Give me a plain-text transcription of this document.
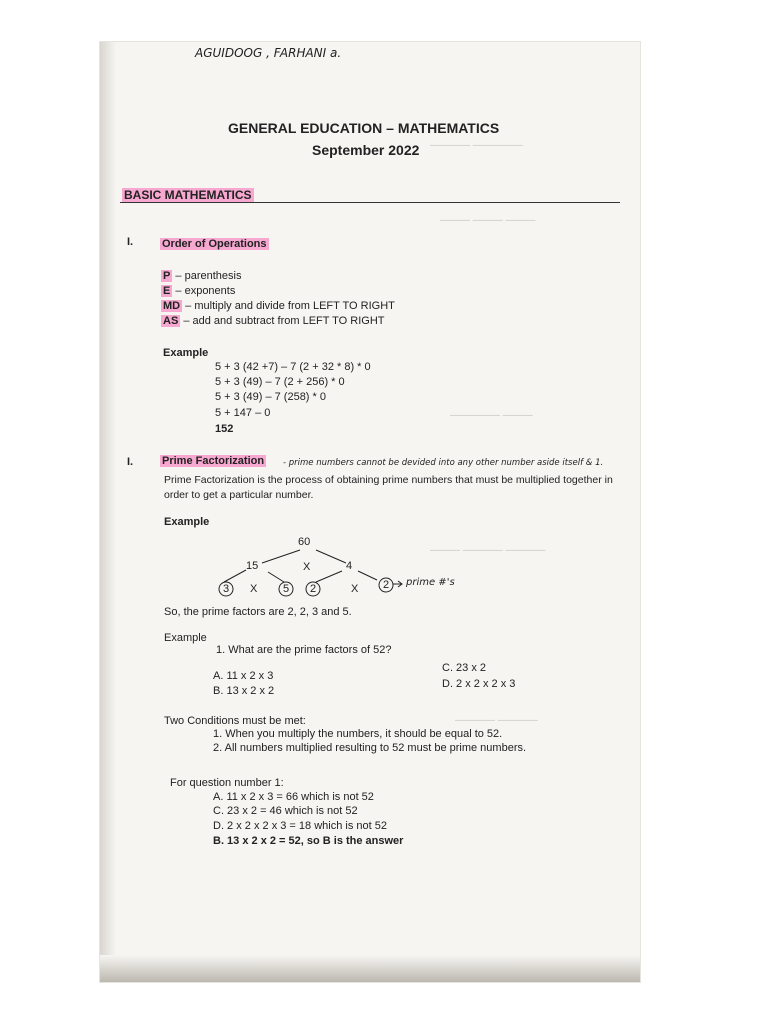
―――― ―――――
――― ――― ―――
――――― ―――
――― ―――― ――――
―――― ――――
AGUIDOOG , FARHANI a.
GENERAL EDUCATION – MATHEMATICS
September 2022
BASIC MATHEMATICS
I.	Order of Operations
P – parenthesis
E – exponents
MD – multiply and divide from LEFT TO RIGHT
AS – add and subtract from LEFT TO RIGHT
Example
5 + 3 (42 +7) – 7 (2 + 32 * 8) * 0
5 + 3 (49) – 7 (2 + 256) * 0
5 + 3 (49) – 7 (258) * 0
5 + 147 – 0
152
I.	Prime Factorization - prime numbers cannot be devided into any other number aside itself & 1.
Prime Factorization is the process of obtaining prime numbers that must be multiplied together in
order to get a particular number.
Example
60
15	4
X
3 X 5 2	X 2 prime #'s
So, the prime factors are 2, 2, 3 and 5.
Example
1. What are the prime factors of 52?
A. 11 x 2 x 3
B. 13 x 2 x 2
C. 23 x 2
D. 2 x 2 x 2 x 3
Two Conditions must be met:
1. When you multiply the numbers, it should be equal to 52.
2. All numbers multiplied resulting to 52 must be prime numbers.
For question number 1:
A. 11 x 2 x 3 = 66 which is not 52
C. 23 x 2 = 46 which is not 52
D. 2 x 2 x 2 x 3 = 18 which is not 52
B. 13 x 2 x 2 = 52, so B is the answer
